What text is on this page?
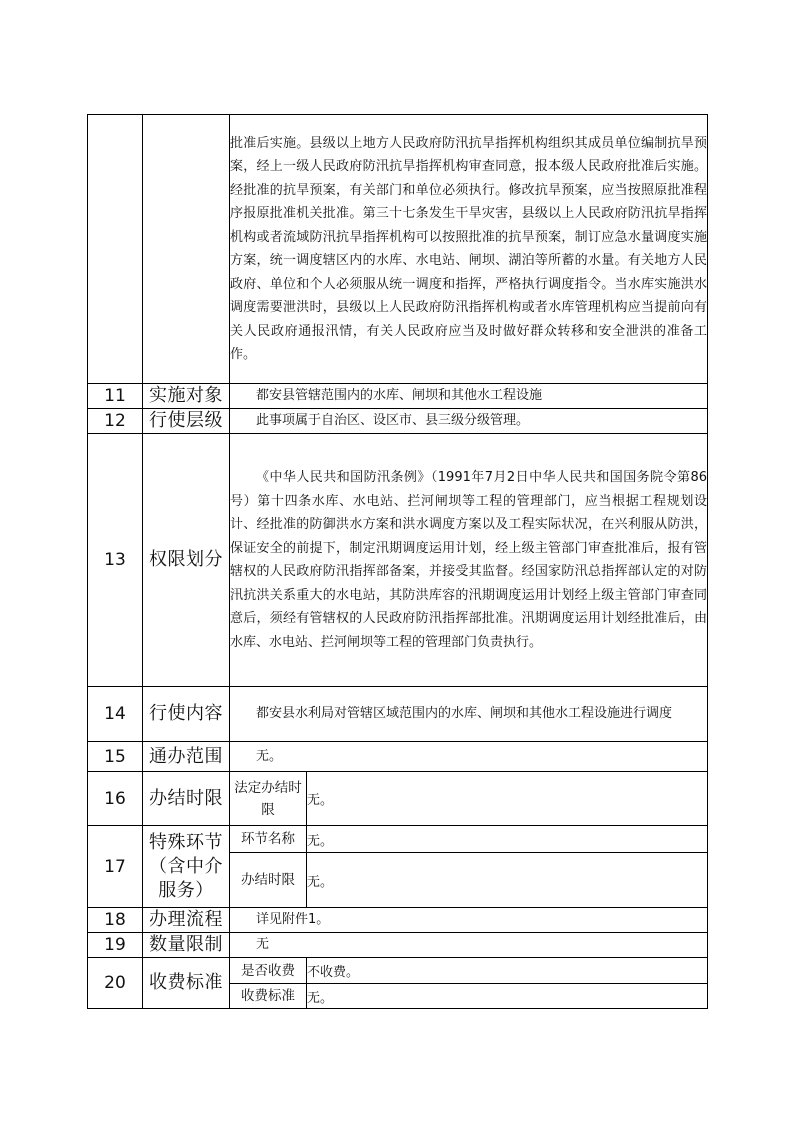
		批准后实施。县级以上地方人民政府防汛抗旱指挥机构组织其成员单位编制抗旱预案，经上一级人民政府防汛抗旱指挥机构审查同意，报本级人民政府批准后实施。经批准的抗旱预案，有关部门和单位必须执行。修改抗旱预案，应当按照原批准程序报原批准机关批准。第三十七条发生干旱灾害，县级以上人民政府防汛抗旱指挥机构或者流域防汛抗旱指挥机构可以按照批准的抗旱预案，制订应急水量调度实施方案，统一调度辖区内的水库、水电站、闸坝、湖泊等所蓄的水量。有关地方人民政府、单位和个人必须服从统一调度和指挥，严格执行调度指令。当水库实施洪水调度需要泄洪时，县级以上人民政府防汛指挥机构或者水库管理机构应当提前向有关人民政府通报汛情，有关人民政府应当及时做好群众转移和安全泄洪的准备工作。	
11	实施对象	都安县管辖范围内的水库、闸坝和其他水工程设施	
12	行使层级	此事项属于自治区、设区市、县三级分级管理。	
13	权限划分	《中华人民共和国防汛条例》（1991年7月2日中华人民共和国国务院令第86号）第十四条水库、水电站、拦河闸坝等工程的管理部门，应当根据工程规划设计、经批准的防御洪水方案和洪水调度方案以及工程实际状况，在兴利服从防洪，保证安全的前提下，制定汛期调度运用计划，经上级主管部门审查批准后，报有管辖权的人民政府防汛指挥部备案，并接受其监督。经国家防汛总指挥部认定的对防汛抗洪关系重大的水电站，其防洪库容的汛期调度运用计划经上级主管部门审查同意后，须经有管辖权的人民政府防汛指挥部批准。汛期调度运用计划经批准后，由水库、水电站、拦河闸坝等工程的管理部门负责执行。	
14	行使内容	都安县水利局对管辖区域范围内的水库、闸坝和其他水工程设施进行调度	
15	通办范围	无。	
16	办结时限	法定办结时限	无。
17	特殊环节（含中介服务）	环节名称	无。
		办结时限	无。
18	办理流程	详见附件1。	
19	数量限制	无	
20	收费标准	是否收费	不收费。
		收费标准	无。
